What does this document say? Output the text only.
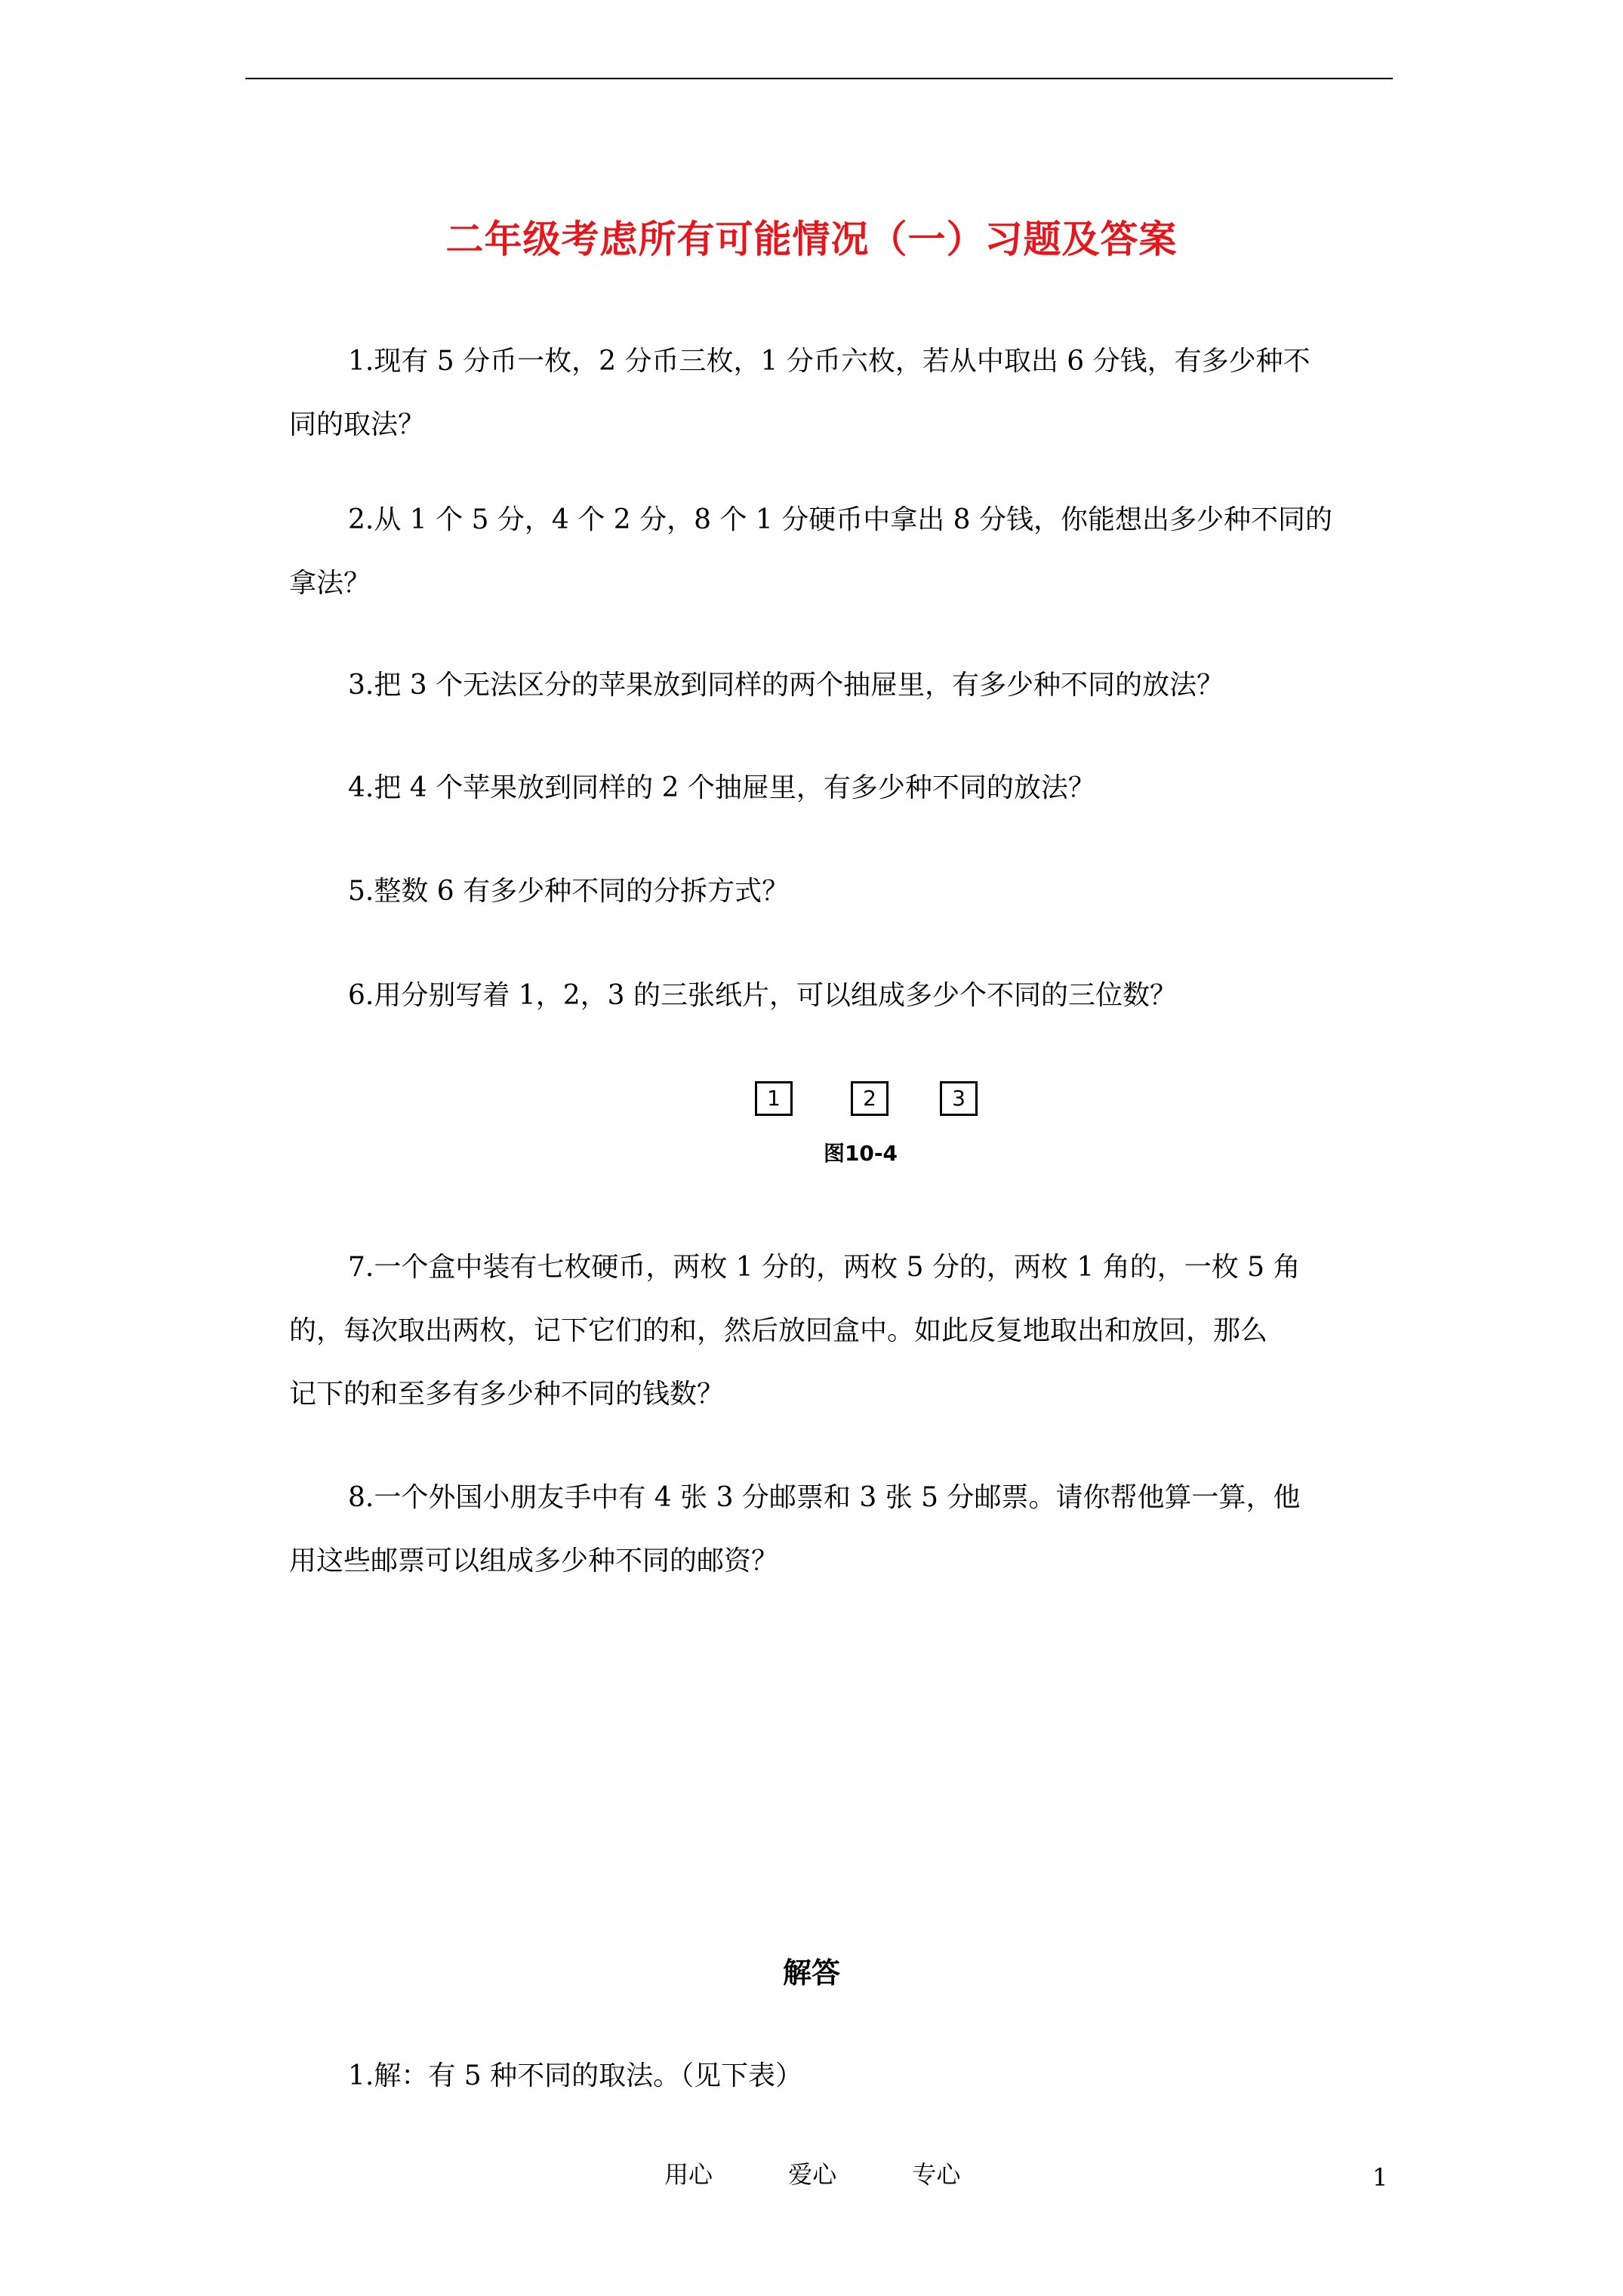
二年级考虑所有可能情况（一）习题及答案

1.现有 5 分币一枚，2 分币三枚，1 分币六枚，若从中取出 6 分钱，有多少种不
同的取法？

2.从 1 个 5 分，4 个 2 分，8 个 1 分硬币中拿出 8 分钱，你能想出多少种不同的
拿法？

3.把 3 个无法区分的苹果放到同样的两个抽屉里，有多少种不同的放法？

4.把 4 个苹果放到同样的 2 个抽屉里，有多少种不同的放法？

5.整数 6 有多少种不同的分拆方式？

6.用分别写着 1，2，3 的三张纸片，可以组成多少个不同的三位数？

1	2	3
图10-4

7.一个盒中装有七枚硬币，两枚 1 分的，两枚 5 分的，两枚 1 角的，一枚 5 角
的，每次取出两枚，记下它们的和，然后放回盒中。如此反复地取出和放回，那么
记下的和至多有多少种不同的钱数？

8.一个外国小朋友手中有 4 张 3 分邮票和 3 张 5 分邮票。请你帮他算一算，他
用这些邮票可以组成多少种不同的邮资？

解答

1.解：有 5 种不同的取法。（见下表）

用心	爱心	专心	1
